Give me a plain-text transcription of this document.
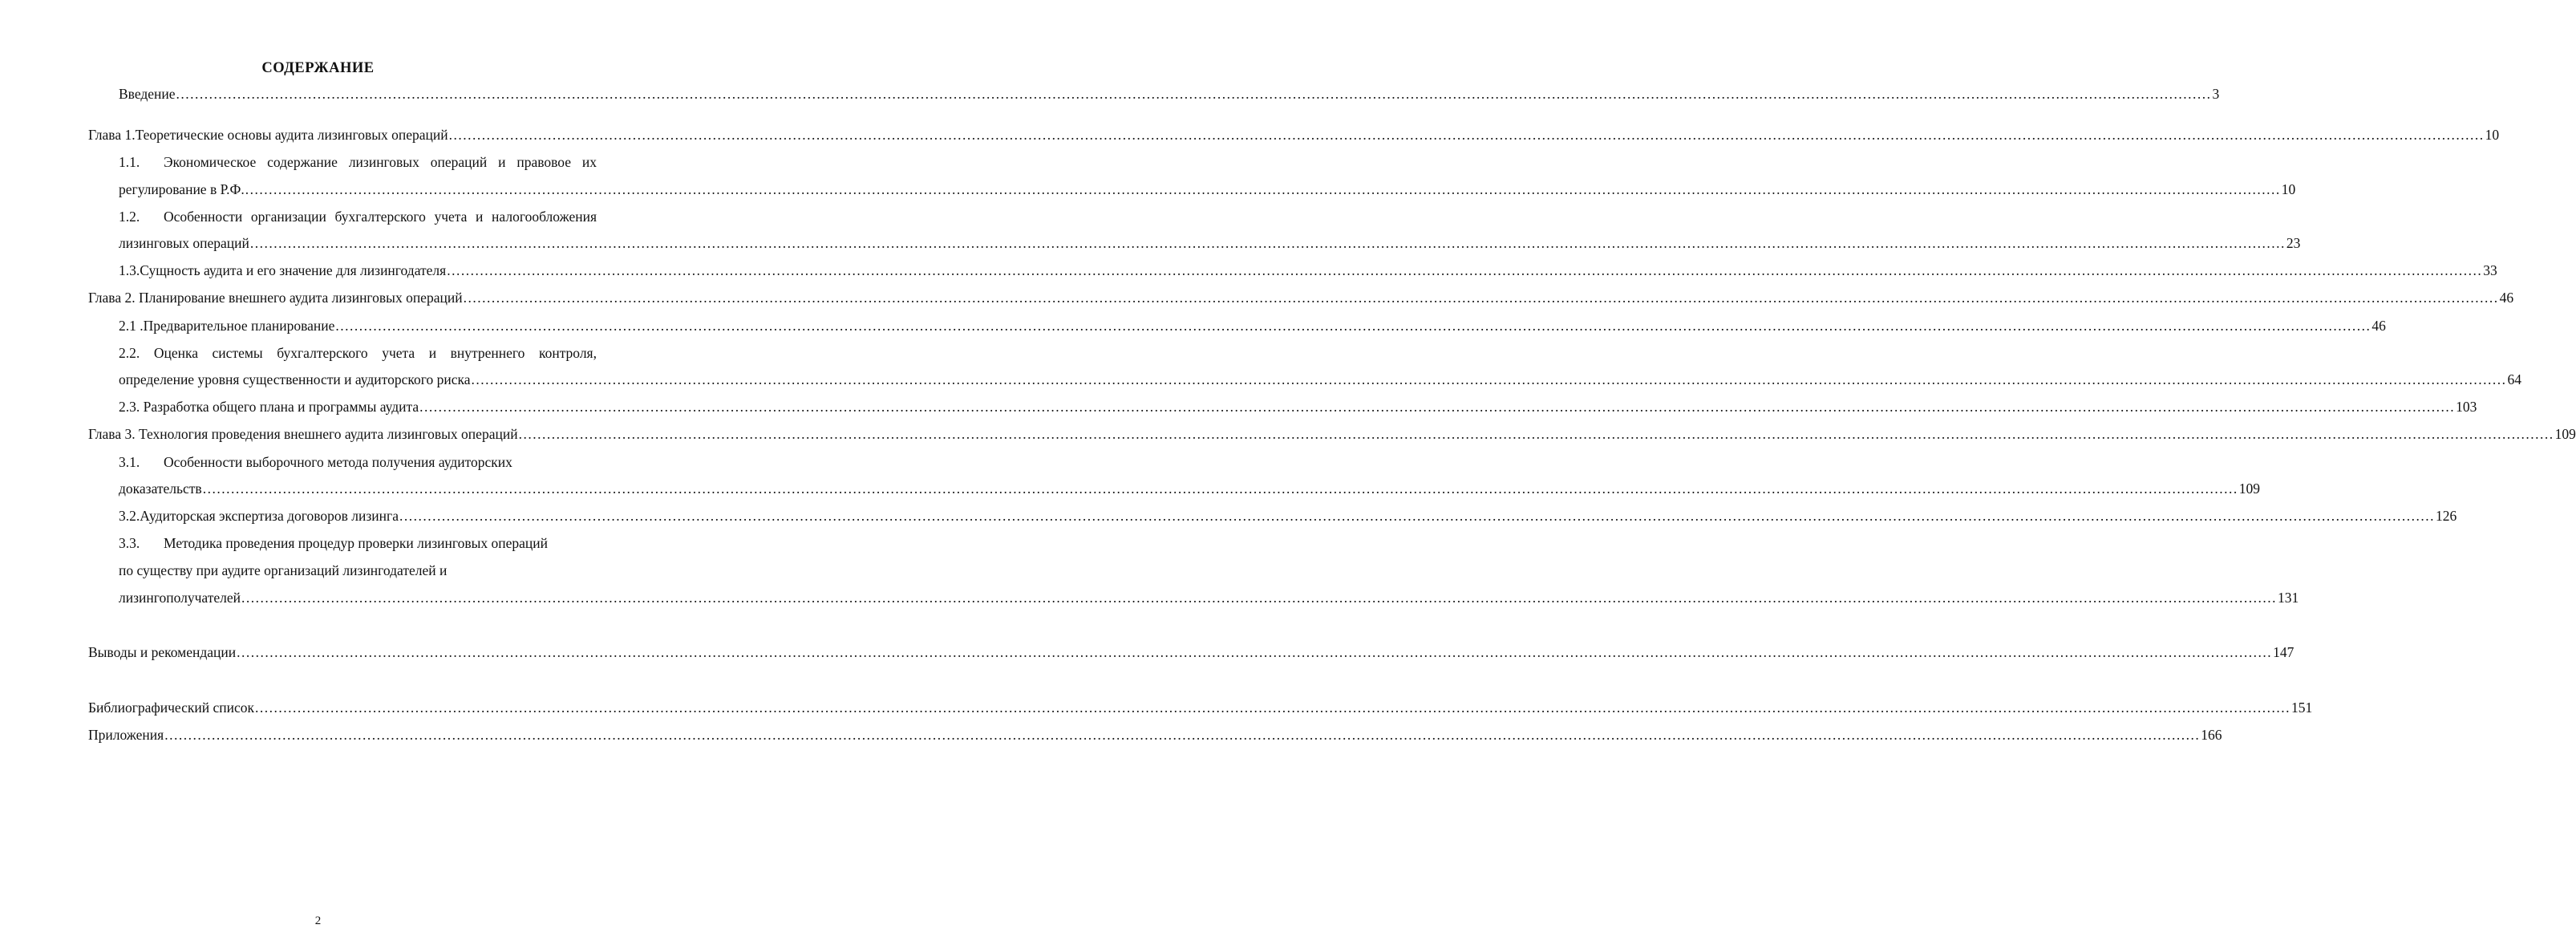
СОДЕРЖАНИЕ
Введение .....	3
Глава 1.Теоретические основы аудита лизинговых операций .....	10
1.1.	Экономическое содержание лизинговых операций и правовое их
регулирование в Р.Ф. .....	10
1.2.	Особенности организации бухгалтерского учета и налогообложения
лизинговых операций .....	23
1.3.Сущность аудита и его значение для лизингодателя .....	33
Глава 2. Планирование внешнего аудита лизинговых операций .....	46
2.1 .Предварительное планирование .....	46
2.2. Оценка системы бухгалтерского учета и внутреннего контроля,
определение уровня существенности и аудиторского риска .....	64
2.3. Разработка общего плана и программы аудита .....	103
Глава 3. Технология проведения внешнего аудита лизинговых операций .....	109
3.1.	Особенности выборочного метода получения аудиторских
доказательств .....	109
3.2. Аудиторская экспертиза договоров лизинга .....	126
3.3.	Методика проведения процедур проверки лизинговых операций
по существу при аудите организаций лизингодателей и
лизингополучателей .....	131
Выводы и рекомендации .....	147
Библиографический список .....	151
Приложения .....	166
2
